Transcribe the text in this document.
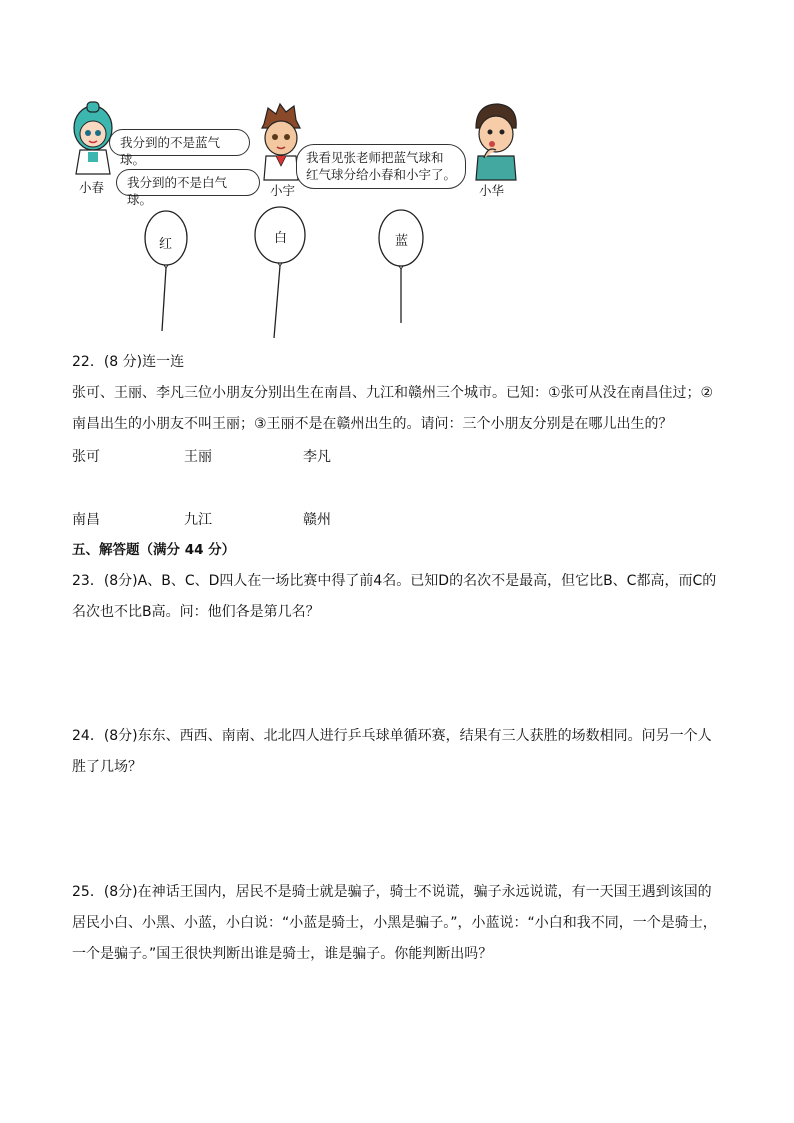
小春
我分到的不是蓝气球。
小宇
我分到的不是白气球。
我看见张老师把蓝气球和
红气球分给小春和小宇了。
小华
红	白	蓝
22．(8 分)连一连
张可、王丽、李凡三位小朋友分别出生在南昌、九江和赣州三个城市。已知：①张可从没在南昌住过；②南昌出生的小朋友不叫王丽；③王丽不是在赣州出生的。请问：三个小朋友分别是在哪儿出生的？
张可	王丽	李凡
南昌	九江	赣州
五、解答题（满分 44 分）
23．(8分)A、B、C、D四人在一场比赛中得了前4名。已知D的名次不是最高，但它比B、C都高，而C的名次也不比B高。问：他们各是第几名？
24．(8分)东东、西西、南南、北北四人进行乒乓球单循环赛，结果有三人获胜的场数相同。问另一个人胜了几场？
25．(8分)在神话王国内，居民不是骑士就是骗子，骑士不说谎，骗子永远说谎，有一天国王遇到该国的居民小白、小黑、小蓝，小白说：“小蓝是骑士，小黑是骗子。”，小蓝说：“小白和我不同，一个是骑士，一个是骗子。”国王很快判断出谁是骑士，谁是骗子。你能判断出吗？
